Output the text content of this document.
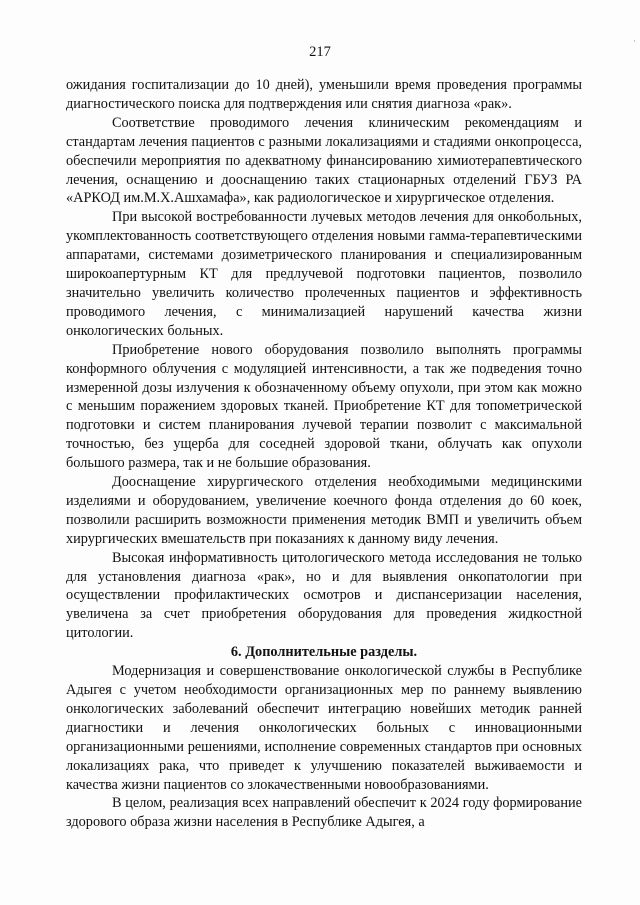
217
·

ожидания госпитализации до 10 дней), уменьшили время проведения программы диагностического поиска для подтверждения или снятия диагноза «рак».

Соответствие проводимого лечения клиническим рекомендациям и стандартам лечения пациентов с разными локализациями и стадиями онкопроцесса, обеспечили мероприятия по адекватному финансированию химиотерапевтического лечения, оснащению и дооснащению таких стационарных отделений ГБУЗ РА «АРКОД им.М.Х.Ашхамафа», как радиологическое и хирургическое отделения.

При высокой востребованности лучевых методов лечения для онкобольных, укомплектованность соответствующего отделения новыми гамма-терапевтическими аппаратами, системами дозиметрического планирования и специализированным широкоапертурным КТ для предлучевой подготовки пациентов, позволило значительно увеличить количество пролеченных пациентов и эффективность проводимого лечения, с минимализацией нарушений качества жизни онкологических больных.

Приобретение нового оборудования позволило выполнять программы конформного облучения с модуляцией интенсивности, а так же подведения точно измеренной дозы излучения к обозначенному объему опухоли, при этом как можно с меньшим поражением здоровых тканей. Приобретение КТ для топометрической подготовки и систем планирования лучевой терапии позволит с максимальной точностью, без ущерба для соседней здоровой ткани, облучать как опухоли большого размера, так и не большие образования.

Дооснащение хирургического отделения необходимыми медицинскими изделиями и оборудованием, увеличение коечного фонда отделения до 60 коек, позволили расширить возможности применения методик ВМП и увеличить объем хирургических вмешательств при показаниях к данному виду лечения.

Высокая информативность цитологического метода исследования не только для установления диагноза «рак», но и для выявления онкопатологии при осуществлении профилактических осмотров и диспансеризации населения, увеличена за счет приобретения оборудования для проведения жидкостной цитологии.

6. Дополнительные разделы.

Модернизация и совершенствование онкологической службы в Республике Адыгея с учетом необходимости организационных мер по раннему выявлению онкологических заболеваний обеспечит интеграцию новейших методик ранней диагностики и лечения онкологических больных с инновационными организационными решениями, исполнение современных стандартов при основных локализациях рака, что приведет к улучшению показателей выживаемости и качества жизни пациентов со злокачественными новообразованиями.

В целом, реализация всех направлений обеспечит к 2024 году формирование здорового образа жизни населения в Республике Адыгея, а
